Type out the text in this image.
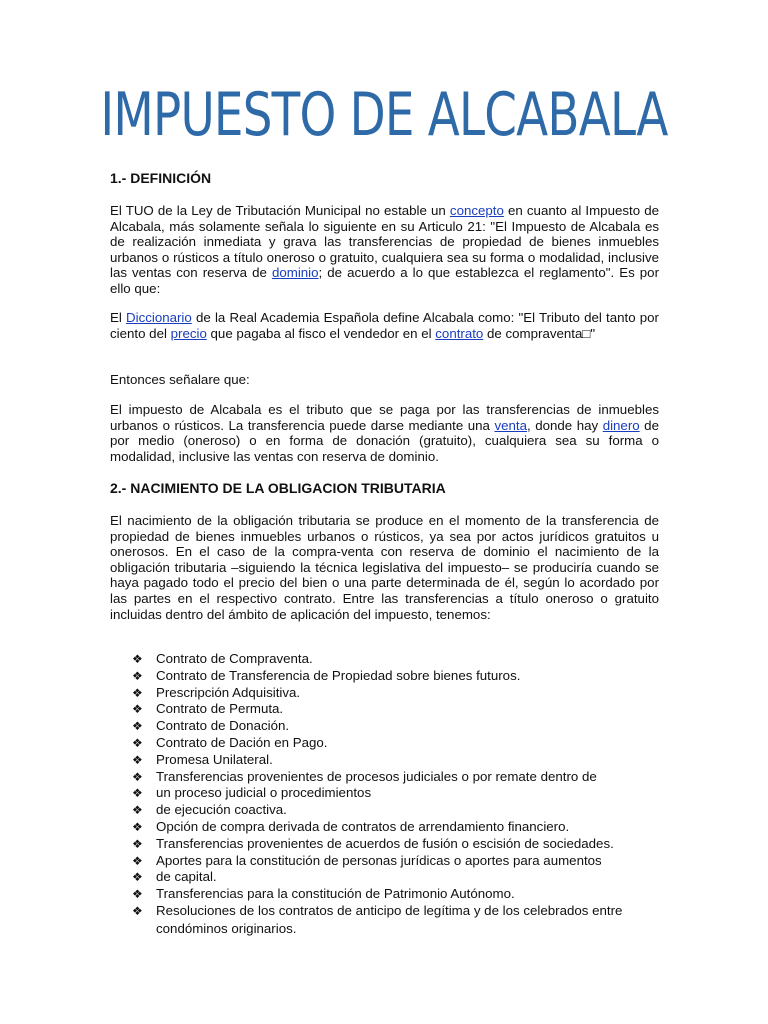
IMPUESTO DE ALCABALA
1.- DEFINICIÓN
El TUO de la Ley de Tributación Municipal no estable un concepto en cuanto al Impuesto de Alcabala, más solamente señala lo siguiente en su Articulo 21: "El Impuesto de Alcabala es de realización inmediata y grava las transferencias de propiedad de bienes inmuebles urbanos o rústicos a título oneroso o gratuito, cualquiera sea su forma o modalidad, inclusive las ventas con reserva de dominio; de acuerdo a lo que establezca el reglamento". Es por ello que:
El Diccionario de la Real Academia Española define Alcabala como: "El Tributo del tanto por ciento del precio que pagaba al fisco el vendedor en el contrato de compraventa□"
Entonces señalare que:
El impuesto de Alcabala es el tributo que se paga por las transferencias de inmuebles urbanos o rústicos. La transferencia puede darse mediante una venta, donde hay dinero de por medio (oneroso) o en forma de donación (gratuito), cualquiera sea su forma o modalidad, inclusive las ventas con reserva de dominio.
2.- NACIMIENTO DE LA OBLIGACION TRIBUTARIA
El nacimiento de la obligación tributaria se produce en el momento de la transferencia de propiedad de bienes inmuebles urbanos o rústicos, ya sea por actos jurídicos gratuitos u onerosos. En el caso de la compra-venta con reserva de dominio el nacimiento de la obligación tributaria –siguiendo la técnica legislativa del impuesto– se produciría cuando se haya pagado todo el precio del bien o una parte determinada de él, según lo acordado por las partes en el respectivo contrato. Entre las transferencias a título oneroso o gratuito incluidas dentro del ámbito de aplicación del impuesto, tenemos:
❖ Contrato de Compraventa.
❖ Contrato de Transferencia de Propiedad sobre bienes futuros.
❖ Prescripción Adquisitiva.
❖ Contrato de Permuta.
❖ Contrato de Donación.
❖ Contrato de Dación en Pago.
❖ Promesa Unilateral.
❖ Transferencias provenientes de procesos judiciales o por remate dentro de
❖ un proceso judicial o procedimientos
❖ de ejecución coactiva.
❖ Opción de compra derivada de contratos de arrendamiento financiero.
❖ Transferencias provenientes de acuerdos de fusión o escisión de sociedades.
❖ Aportes para la constitución de personas jurídicas o aportes para aumentos
❖ de capital.
❖ Transferencias para la constitución de Patrimonio Autónomo.
❖ Resoluciones de los contratos de anticipo de legítima y de los celebrados entre
condóminos originarios.
